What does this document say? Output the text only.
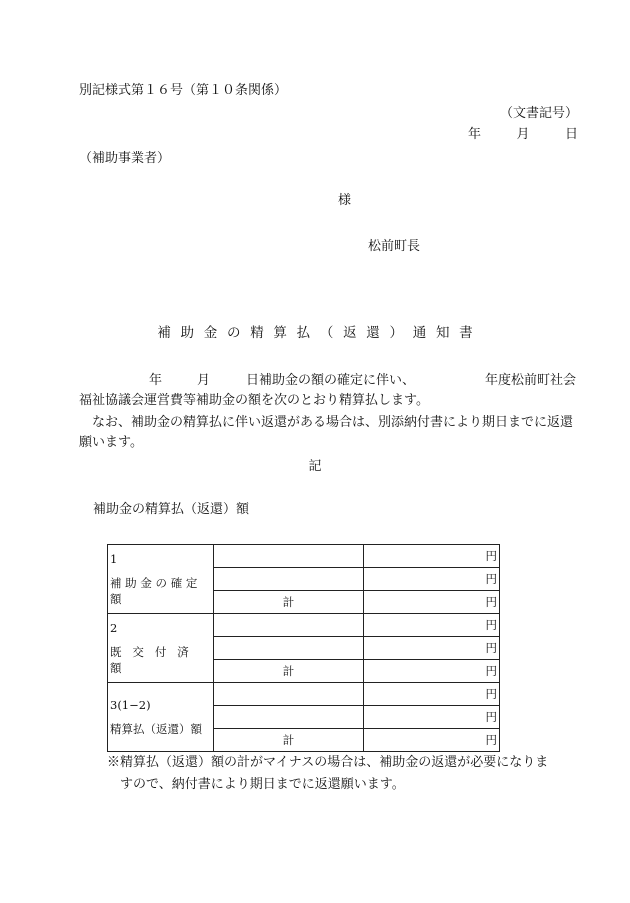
別記様式第１６号（第１０条関係）
（文書記号）
年	月	日
（補助事業者）
様
松前町長
補助金の精算払（返還）通知書
年	月	日補助金の額の確定に伴い、	年度松前町社会
福祉協議会運営費等補助金の額を次のとおり精算払します。
なお、補助金の精算払に伴い返還がある場合は、別添納付書により期日までに返還願います。
記
補助金の精算払（返還）額
1
補助金の確定額		円
		円
	計	円

2
既交付済額		円
		円
	計	円

3(1−2)
精算払（返還）額		円
		円
	計	円
※精算払（返還）額の計がマイナスの場合は、補助金の返還が必要になりま
すので、納付書により期日までに返還願います。
